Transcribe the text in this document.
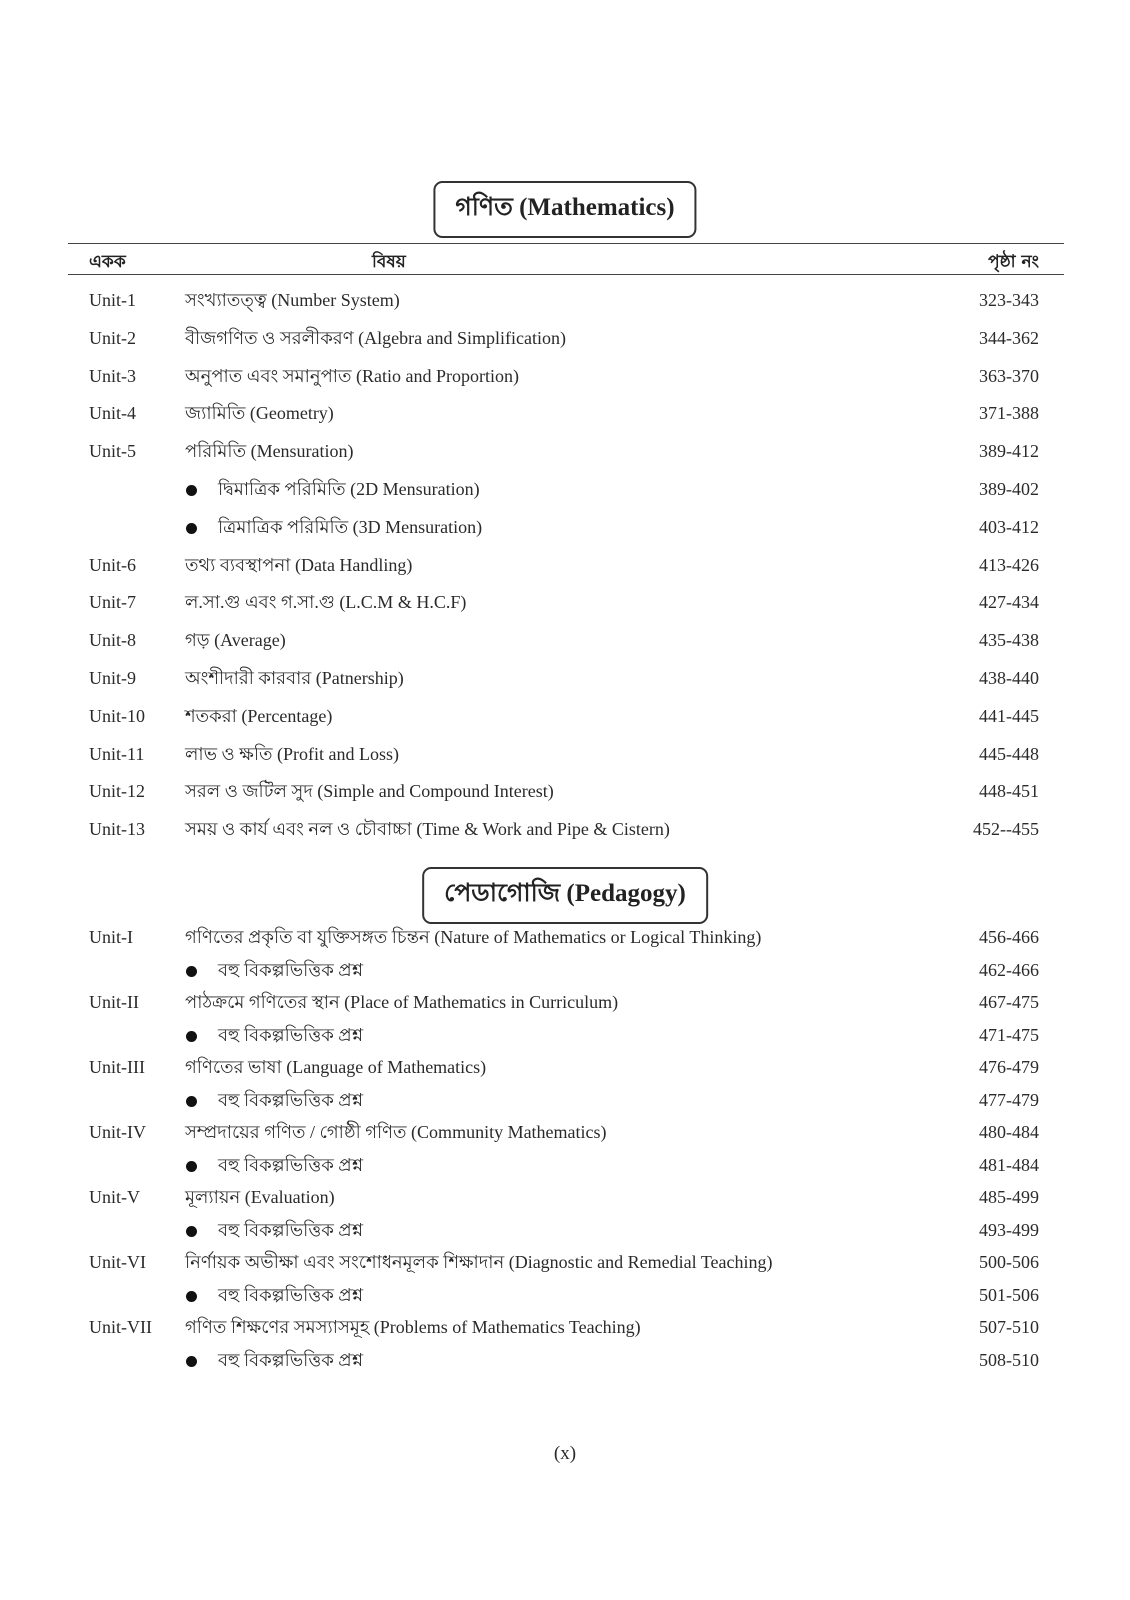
গণিত (Mathematics)
একক	বিষয়	পৃষ্ঠা নং
Unit-1	সংখ্যাতত্ত্ব (Number System)	323-343
Unit-2	বীজগণিত ও সরলীকরণ (Algebra and Simplification)	344-362
Unit-3	অনুপাত এবং সমানুপাত (Ratio and Proportion)	363-370
Unit-4	জ্যামিতি (Geometry)	371-388
Unit-5	পরিমিতি (Mensuration)	389-412
দ্বিমাত্রিক পরিমিতি (2D Mensuration)	389-402
ত্রিমাত্রিক পরিমিতি (3D Mensuration)	403-412
Unit-6	তথ্য ব্যবস্থাপনা (Data Handling)	413-426
Unit-7	ল.সা.গু এবং গ.সা.গু (L.C.M & H.C.F)	427-434
Unit-8	গড় (Average)	435-438
Unit-9	অংশীদারী কারবার (Patnership)	438-440
Unit-10 শতকরা (Percentage)	441-445
Unit-11 লাভ ও ক্ষতি (Profit and Loss)	445-448
Unit-12 সরল ও জটিল সুদ (Simple and Compound Interest)	448-451
Unit-13 সময় ও কার্য এবং নল ও চৌবাচ্চা (Time & Work and Pipe & Cistern)	452--455
পেডাগোজি (Pedagogy)
Unit-I	গণিতের প্রকৃতি বা যুক্তিসঙ্গত চিন্তন (Nature of Mathematics or Logical Thinking)	456-466
বহু বিকল্পভিত্তিক প্রশ্ন	462-466
Unit-II	পাঠক্রমে গণিতের স্থান (Place of Mathematics in Curriculum)	467-475
বহু বিকল্পভিত্তিক প্রশ্ন	471-475
Unit-III গণিতের ভাষা (Language of Mathematics)	476-479
বহু বিকল্পভিত্তিক প্রশ্ন	477-479
Unit-IV সম্প্রদায়ের গণিত / গোষ্ঠী গণিত (Community Mathematics)	480-484
বহু বিকল্পভিত্তিক প্রশ্ন	481-484
Unit-V	মূল্যায়ন (Evaluation)	485-499
বহু বিকল্পভিত্তিক প্রশ্ন	493-499
Unit-VI নির্ণায়ক অভীক্ষা এবং সংশোধনমূলক শিক্ষাদান (Diagnostic and Remedial Teaching)	500-506
বহু বিকল্পভিত্তিক প্রশ্ন	501-506
Unit-VII গণিত শিক্ষণের সমস্যাসমূহ (Problems of Mathematics Teaching)	507-510
বহু বিকল্পভিত্তিক প্রশ্ন	508-510
(x)
